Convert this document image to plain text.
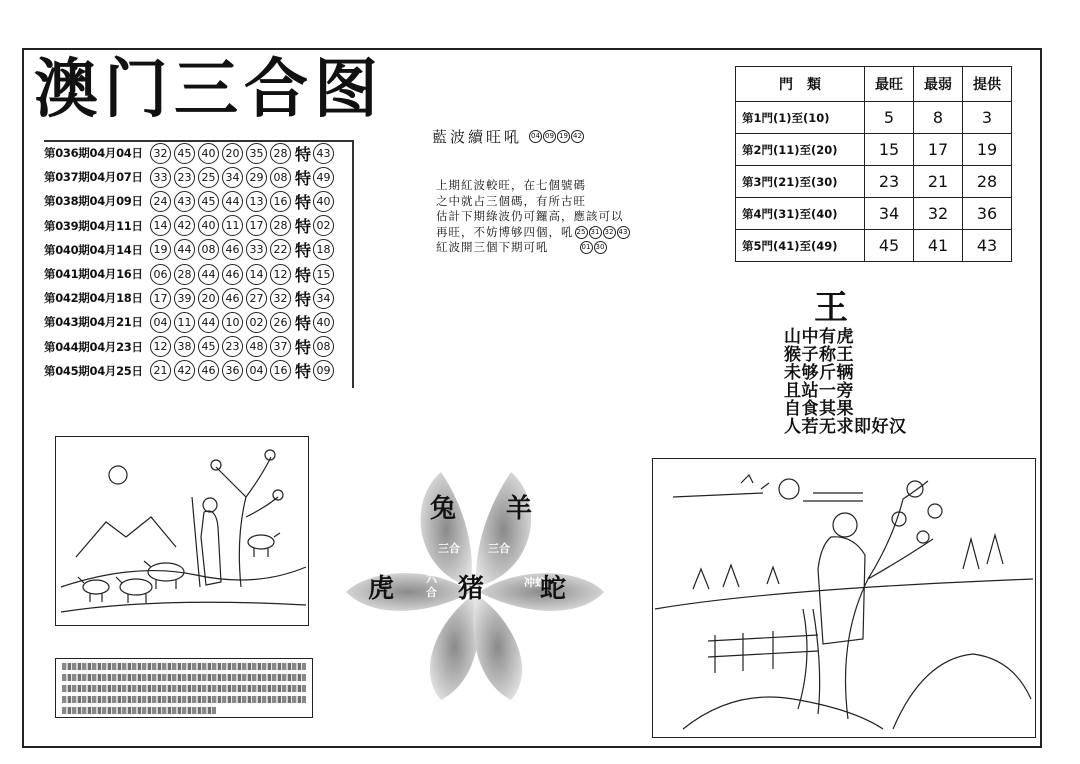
澳门三合图
第036期04月04日 32 45 40 20 35 28 特 43
第037期04月07日 33 23 25 34 29 08 特 49
第038期04月09日 24 43 45 44 13 16 特 40
第039期04月11日 14 42 40 11 17 28 特 02
第040期04月14日 19 44 08 46 33 22 特 18
第041期04月16日 06 28 44 46 14 12 特 15
第042期04月18日 17 39 20 46 27 32 特 34
第043期04月21日 04 11 44 10 02 26 特 40
第044期04月23日 12 38 45 23 48 37 特 08
第045期04月25日 21 42 46 36 04 16 特 09
藍波續旺吼 04 09 19 42
上期紅波較旺，在七個號碼
之中就占三個碼，有所古旺
估計下期綠波仍可鑼高，應該可以
再旺，不妨博够四個，吼 25 31 32 43
紅波開三個下期可吼	01 30
門　類	最旺	最弱	提供
第1門(1)至(10)	5	8	3
第2門(11)至(20)	15	17	19
第3門(21)至(30)	23	21	28
第4門(31)至(40)	34	32	36
第5門(41)至(49)	45	41	43
王
山中有虎
猴子称王
未够斤辆
且站一旁
自食其果
人若无求即好汉
兔 羊
三合	三合
虎	六
合 猪	冲蛇
蛇
